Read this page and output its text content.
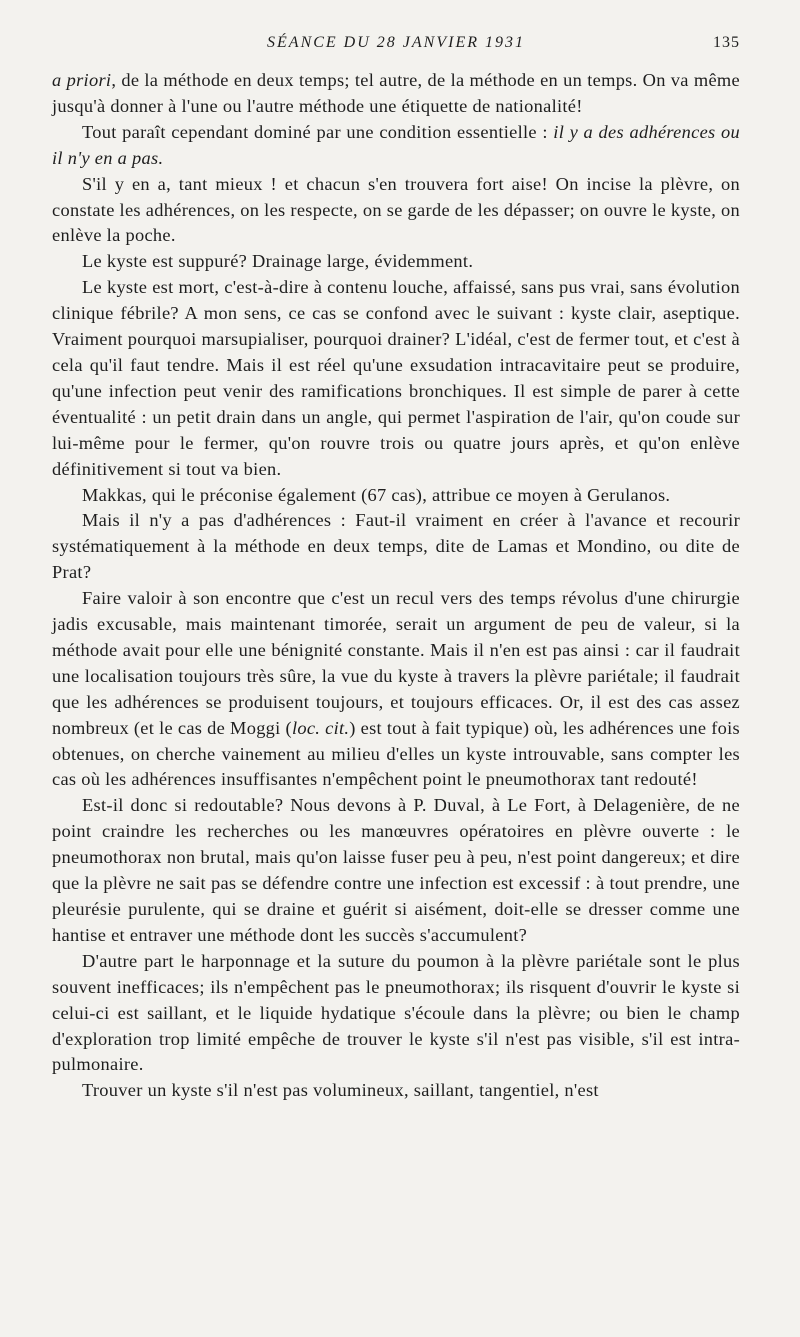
SÉANCE DU 28 JANVIER 1931	135

a priori, de la méthode en deux temps; tel autre, de la méthode en un temps. On va même jusqu'à donner à l'une ou l'autre méthode une étiquette de nationalité!

Tout paraît cependant dominé par une condition essentielle : il y a des adhérences ou il n'y en a pas.

S'il y en a, tant mieux ! et chacun s'en trouvera fort aise! On incise la plèvre, on constate les adhérences, on les respecte, on se garde de les dépasser; on ouvre le kyste, on enlève la poche.

Le kyste est suppuré? Drainage large, évidemment.

Le kyste est mort, c'est-à-dire à contenu louche, affaissé, sans pus vrai, sans évolution clinique fébrile? A mon sens, ce cas se confond avec le suivant : kyste clair, aseptique. Vraiment pourquoi marsupialiser, pourquoi drainer? L'idéal, c'est de fermer tout, et c'est à cela qu'il faut tendre. Mais il est réel qu'une exsudation intracavitaire peut se produire, qu'une infection peut venir des ramifications bronchiques. Il est simple de parer à cette éventualité : un petit drain dans un angle, qui permet l'aspiration de l'air, qu'on coude sur lui-même pour le fermer, qu'on rouvre trois ou quatre jours après, et qu'on enlève définitivement si tout va bien.

Makkas, qui le préconise également (67 cas), attribue ce moyen à Gerulanos.

Mais il n'y a pas d'adhérences : Faut-il vraiment en créer à l'avance et recourir systématiquement à la méthode en deux temps, dite de Lamas et Mondino, ou dite de Prat?

Faire valoir à son encontre que c'est un recul vers des temps révolus d'une chirurgie jadis excusable, mais maintenant timorée, serait un argument de peu de valeur, si la méthode avait pour elle une bénignité constante. Mais il n'en est pas ainsi : car il faudrait une localisation toujours très sûre, la vue du kyste à travers la plèvre pariétale; il faudrait que les adhérences se produisent toujours, et toujours efficaces. Or, il est des cas assez nombreux (et le cas de Moggi (loc. cit.) est tout à fait typique) où, les adhérences une fois obtenues, on cherche vainement au milieu d'elles un kyste introuvable, sans compter les cas où les adhérences insuffisantes n'empêchent point le pneumothorax tant redouté!

Est-il donc si redoutable? Nous devons à P. Duval, à Le Fort, à Delagenière, de ne point craindre les recherches ou les manœuvres opératoires en plèvre ouverte : le pneumothorax non brutal, mais qu'on laisse fuser peu à peu, n'est point dangereux; et dire que la plèvre ne sait pas se défendre contre une infection est excessif : à tout prendre, une pleurésie purulente, qui se draine et guérit si aisément, doit-elle se dresser comme une hantise et entraver une méthode dont les succès s'accumulent?

D'autre part le harponnage et la suture du poumon à la plèvre pariétale sont le plus souvent inefficaces; ils n'empêchent pas le pneumothorax; ils risquent d'ouvrir le kyste si celui-ci est saillant, et le liquide hydatique s'écoule dans la plèvre; ou bien le champ d'exploration trop limité empêche de trouver le kyste s'il n'est pas visible, s'il est intra-pulmonaire.

Trouver un kyste s'il n'est pas volumineux, saillant, tangentiel, n'est
